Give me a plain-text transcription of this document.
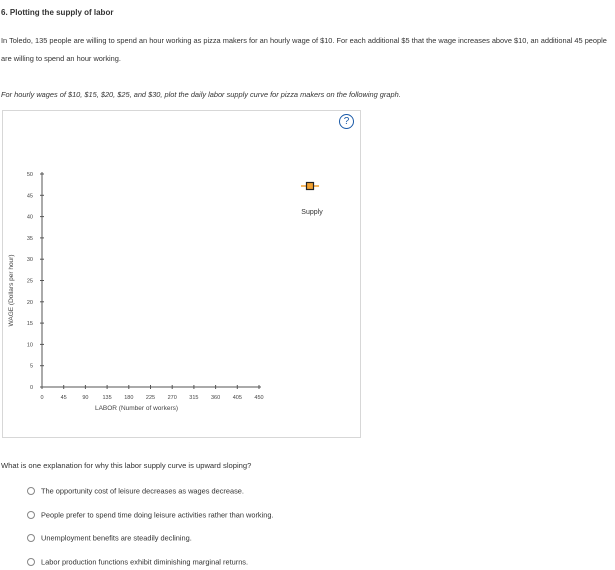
6. Plotting the supply of labor
In Toledo, 135 people are willing to spend an hour working as pizza makers for an hourly wage of $10. For each additional $5 that the wage increases above $10, an additional 45 people are willing to spend an hour working.
For hourly wages of $10, $15, $20, $25, and $30, plot the daily labor supply curve for pizza makers on the following graph.
?
0
5
10
15
20
25
30
35
40
45
50
0	45	90	135 180 225 270 315 360 405 450
LABOR (Number of workers)
WAGE (Dollars per hour)
Supply
What is one explanation for why this labor supply curve is upward sloping?
The opportunity cost of leisure decreases as wages decrease.
People prefer to spend time doing leisure activities rather than working.
Unemployment benefits are steadily declining.
Labor production functions exhibit diminishing marginal returns.
